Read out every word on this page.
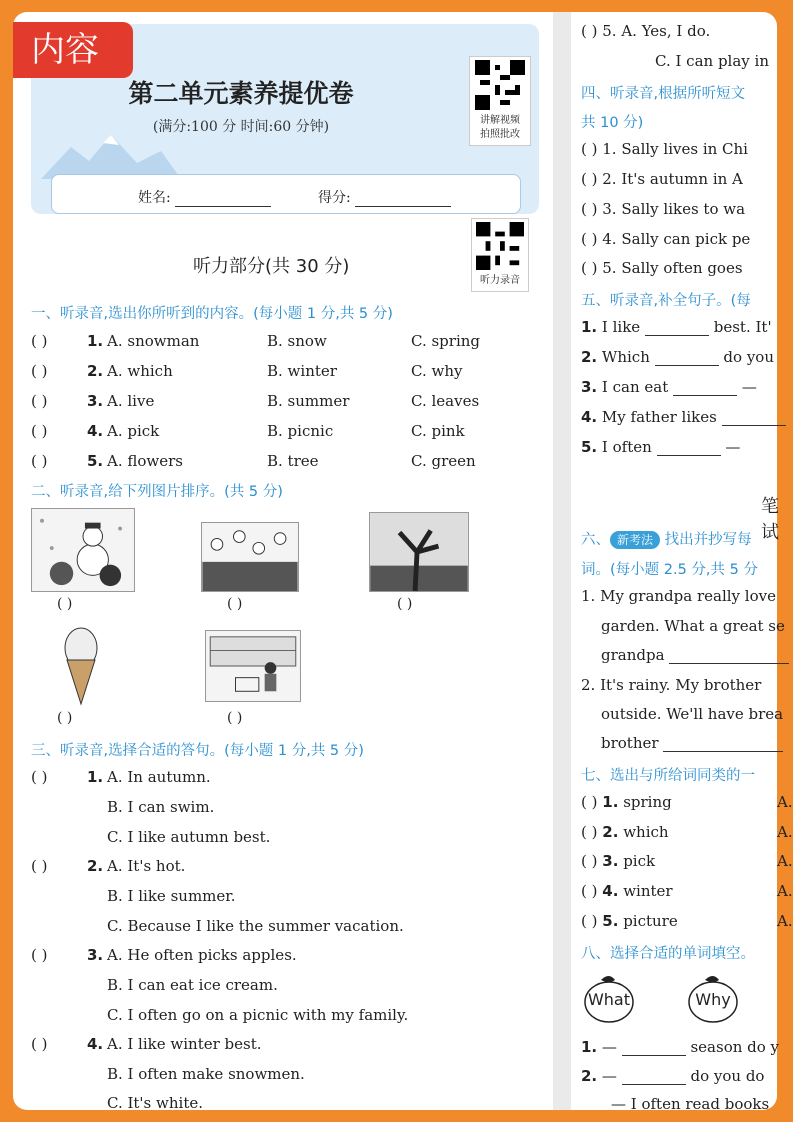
内容
第二单元素养提优卷
(满分:100 分 时间:60 分钟)	讲解视频
拍照批改
姓名:	得分:
听力部分(共 30 分)
听力录音
一、听录音,选出你所听到的内容。(每小题 1 分,共 5 分)
( )	1. A. snowman	B. snow	C. spring
( )	2. A. which	B. winter	C. why
( )	3. A. live	B. summer	C. leaves
( )	4. A. pick	B. picnic	C. pink
( )	5. A. flowers	B. tree	C. green
二、听录音,给下列图片排序。(共 5 分)
( )	( )	( )
( )	( )
三、听录音,选择合适的答句。(每小题 1 分,共 5 分)
( )	1. A. In autumn.
B. I can swim.
C. I like autumn best.
( )	2. A. It's hot.
B. I like summer.
C. Because I like the summer vacation.
( )	3. A. He often picks apples.
B. I can eat ice cream.
C. I often go on a picnic with my family.
( )	4. A. I like winter best.
B. I often make snowmen.
C. It's white.
( ) 5. A. Yes, I do.
C. I can play in
四、听录音,根据所听短文
共 10 分)
( ) 1. Sally lives in Chi
( ) 2. It's autumn in A
( ) 3. Sally likes to wa
( ) 4. Sally can pick pe
( ) 5. Sally often goes
五、听录音,补全句子。(每
1. I like	best. It'
2. Which	do you
3. I can eat	—
4. My father likes
5. I often	—
笔试
六、 新考法 找出并抄写每
词。(每小题 2.5 分,共 5 分
1. My grandpa really love
garden. What a great se
grandpa
2. It's rainy. My brother
outside. We'll have brea
brother
七、选出与所给词同类的一
( ) 1. spring	A.
( ) 2. which	A.
( ) 3. pick	A.
( ) 4. winter	A.
( ) 5. picture	A.
八、选择合适的单词填空。
What	Why
1. —	season do y
2. —	do you do
— I often read books
